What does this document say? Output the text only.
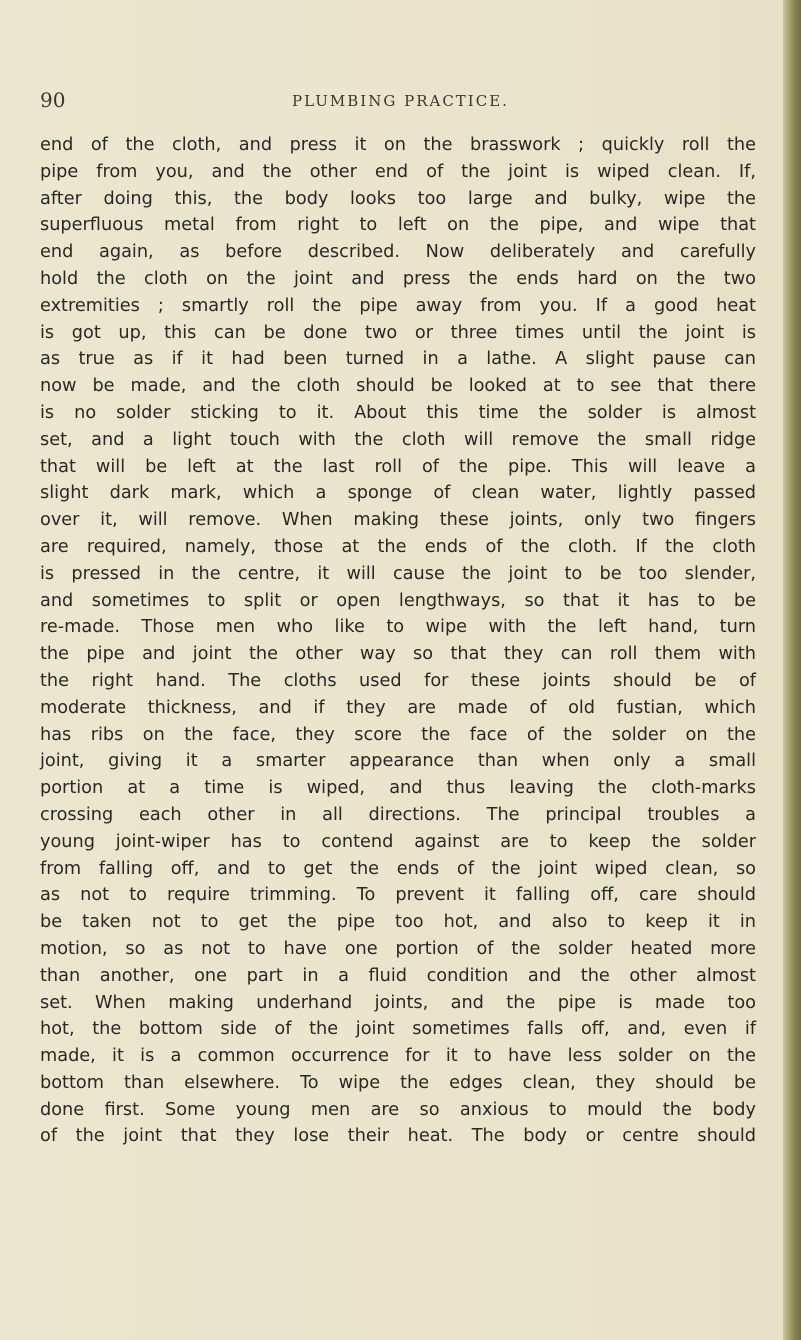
90	PLUMBING PRACTICE.
end of the cloth, and press it on the brasswork ; quickly roll the
pipe from you, and the other end of the joint is wiped clean. If,
after doing this, the body looks too large and bulky, wipe the
superfluous metal from right to left on the pipe, and wipe that
end again, as before described. Now deliberately and carefully
hold the cloth on the joint and press the ends hard on the two
extremities ; smartly roll the pipe away from you. If a good heat
is got up, this can be done two or three times until the joint is
as true as if it had been turned in a lathe. A slight pause can
now be made, and the cloth should be looked at to see that there
is no solder sticking to it. About this time the solder is almost
set, and a light touch with the cloth will remove the small ridge
that will be left at the last roll of the pipe. This will leave a
slight dark mark, which a sponge of clean water, lightly passed
over it, will remove. When making these joints, only two fingers
are required, namely, those at the ends of the cloth. If the cloth
is pressed in the centre, it will cause the joint to be too slender,
and sometimes to split or open lengthways, so that it has to be
re-made. Those men who like to wipe with the left hand, turn
the pipe and joint the other way so that they can roll them with
the right hand. The cloths used for these joints should be of
moderate thickness, and if they are made of old fustian, which
has ribs on the face, they score the face of the solder on the
joint, giving it a smarter appearance than when only a small
portion at a time is wiped, and thus leaving the cloth-marks
crossing each other in all directions. The principal troubles a
young joint-wiper has to contend against are to keep the solder
from falling off, and to get the ends of the joint wiped clean, so
as not to require trimming. To prevent it falling off, care should
be taken not to get the pipe too hot, and also to keep it in
motion, so as not to have one portion of the solder heated more
than another, one part in a fluid condition and the other almost
set. When making underhand joints, and the pipe is made too
hot, the bottom side of the joint sometimes falls off, and, even if
made, it is a common occurrence for it to have less solder on the
bottom than elsewhere. To wipe the edges clean, they should be
done first. Some young men are so anxious to mould the body
of the joint that they lose their heat. The body or centre should
